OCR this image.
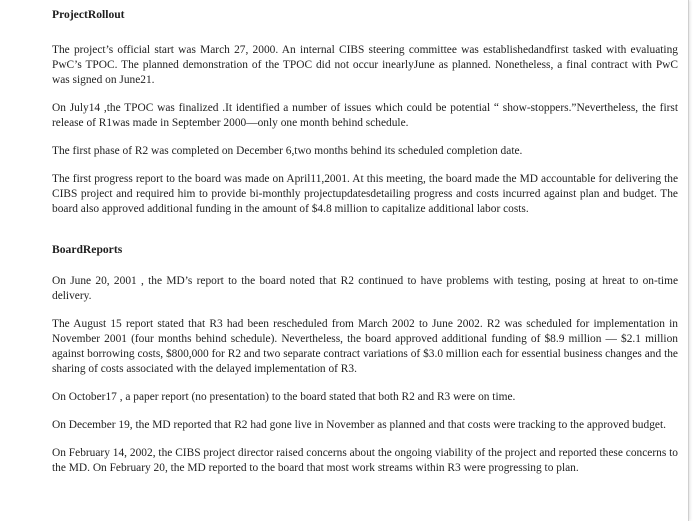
ProjectRollout

The project’s official start was March 27, 2000. An internal CIBS steering committee was establishedandfirst tasked with evaluating PwC’s TPOC. The planned demonstration of the TPOC did not occur inearlyJune as planned. Nonetheless, a final contract with PwC was signed on June21.

On July14 ,the TPOC was finalized .It identified a number of issues which could be potential “ show-stoppers.”Nevertheless, the first release of R1was made in September 2000—only one month behind schedule.

The first phase of R2 was completed on December 6,two months behind its scheduled completion date.

The first progress report to the board was made on April11,2001. At this meeting, the board made the MD accountable for delivering the CIBS project and required him to provide bi-monthly projectupdatesdetailing progress and costs incurred against plan and budget. The board also approved additional funding in the amount of $4.8 million to capitalize additional labor costs.

BoardReports

On June 20, 2001 , the MD’s report to the board noted that R2 continued to have problems with testing, posing at hreat to on-time delivery.

The August 15 report stated that R3 had been rescheduled from March 2002 to June 2002. R2 was scheduled for implementation in November 2001 (four months behind schedule). Nevertheless, the board approved additional funding of $8.9 million — $2.1 million against borrowing costs, $800,000 for R2 and two separate contract variations of $3.0 million each for essential business changes and the sharing of costs associated with the delayed implementation of R3.

On October17 , a paper report (no presentation) to the board stated that both R2 and R3 were on time.

On December 19, the MD reported that R2 had gone live in November as planned and that costs were tracking to the approved budget.

On February 14, 2002, the CIBS project director raised concerns about the ongoing viability of the project and reported these concerns to the MD. On February 20, the MD reported to the board that most work streams within R3 were progressing to plan.
